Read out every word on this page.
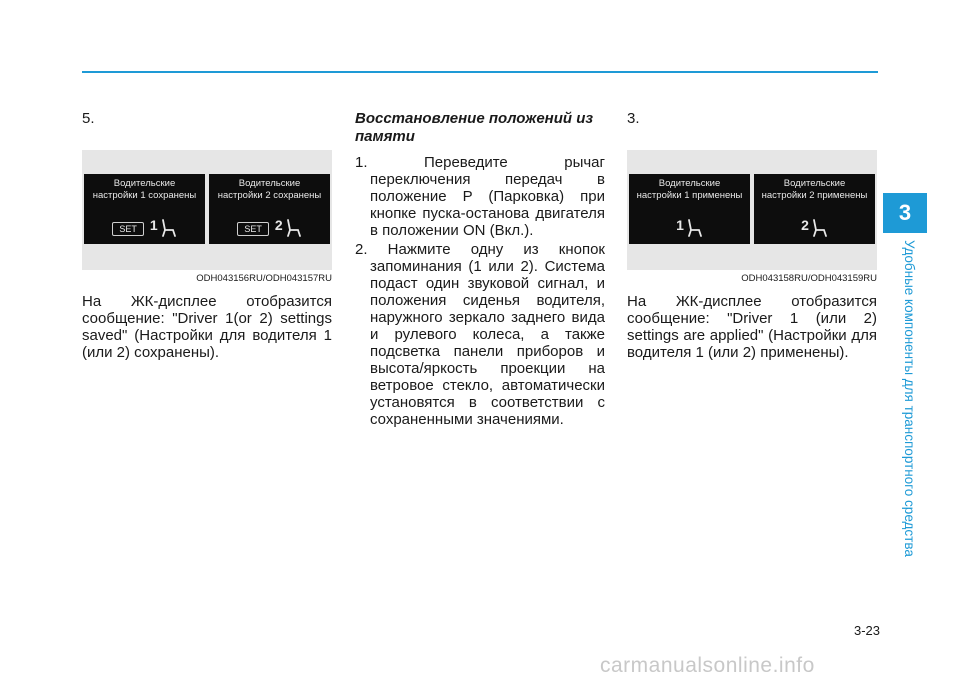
5.

Водительские
настройки 1 сохранены
SET 1
Водительские
настройки 2 сохранены
SET 2
ODH043156RU/ODH043157RU

На ЖК-дисплее отобразится сообщение: "Driver 1(or 2) settings saved" (Настройки для водителя 1 (или 2) сохранены).

Восстановление положений из памяти

1. Переведите рычаг переключения передач в положение P (Парковка) при кнопке пуска-останова двигателя в положении ON (Вкл.).
2. Нажмите одну из кнопок запоминания (1 или 2). Система подаст один звуковой сигнал, и положения сиденья водителя, наружного зеркало заднего вида и рулевого колеса, а также подсветка панели приборов и высота/яркость проекции на ветровое стекло, автоматически установятся в соответствии с сохраненными значениями.

3.

Водительские
настройки 1 применены
1
Водительские
настройки 2 применены
2
ODH043158RU/ODH043159RU

На ЖК-дисплее отобразится сообщение: "Driver 1 (или 2) settings are applied" (Настройки для водителя 1 (или 2) применены).

3
Удобные компоненты для транспортного средства
3-23
carmanualsonline.info
